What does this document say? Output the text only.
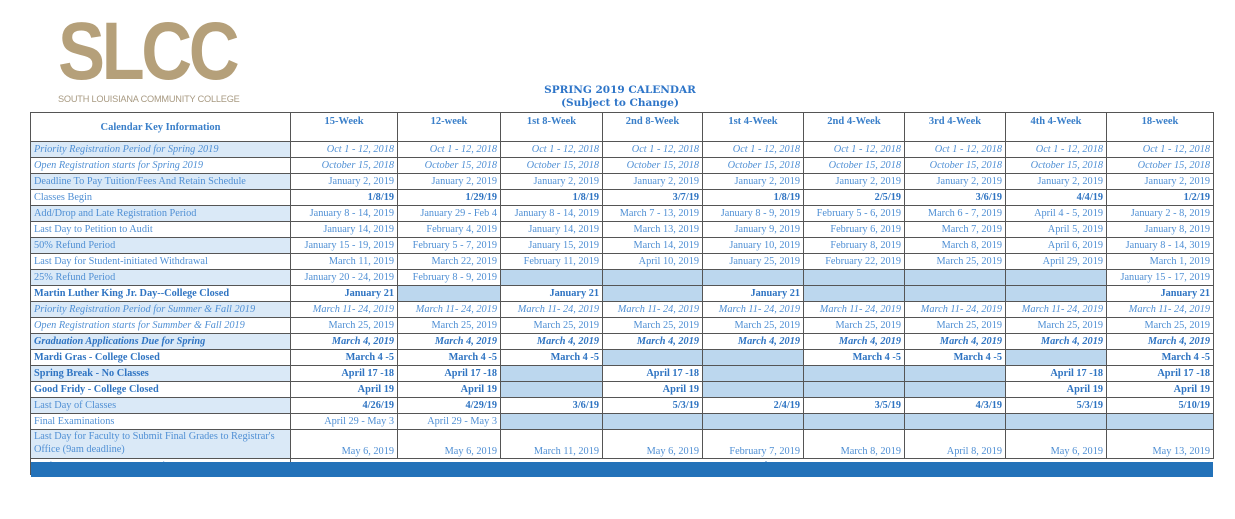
SLCC
SOUTH LOUISIANA COMMUNITY COLLEGE
SPRING 2019 CALENDAR
(Subject to Change)
Calendar Key Information	15-Week	12-week	1st 8-Week	2nd 8-Week	1st 4-Week	2nd 4-Week	3rd 4-Week	4th 4-Week	18-week
Priority Registration Period for Spring 2019	Oct 1 - 12, 2018	Oct 1 - 12, 2018	Oct 1 - 12, 2018	Oct 1 - 12, 2018	Oct 1 - 12, 2018	Oct 1 - 12, 2018	Oct 1 - 12, 2018	Oct 1 - 12, 2018	Oct 1 - 12, 2018
Open Registration starts for Spring 2019	October 15, 2018	October 15, 2018	October 15, 2018	October 15, 2018	October 15, 2018	October 15, 2018	October 15, 2018	October 15, 2018	October 15, 2018
Deadline To Pay Tuition/Fees And Retain Schedule	January 2, 2019	January 2, 2019	January 2, 2019	January 2, 2019	January 2, 2019	January 2, 2019	January 2, 2019	January 2, 2019	January 2, 2019
Classes Begin	1/8/19	1/29/19	1/8/19	3/7/19	1/8/19	2/5/19	3/6/19	4/4/19	1/2/19
Add/Drop and Late Registration Period	January 8 - 14, 2019	January 29 - Feb 4	January 8 - 14, 2019	March 7 - 13, 2019	January 8 - 9, 2019	February 5 - 6, 2019	March 6 - 7, 2019	April 4 - 5, 2019	January 2 - 8, 2019
Last Day to Petition to Audit	January 14, 2019	February 4, 2019	January 14, 2019	March 13, 2019	January 9, 2019	February 6, 2019	March 7, 2019	April 5, 2019	January 8, 2019
50% Refund Period	January 15 - 19, 2019	February 5 - 7, 2019	January 15, 2019	March 14, 2019	January 10, 2019	February 8, 2019	March 8, 2019	April 6, 2019	January 8 - 14, 3019
Last Day for Student-initiated Withdrawal	March 11, 2019	March 22, 2019	February 11, 2019	April 10, 2019	January 25, 2019	February 22, 2019	March 25, 2019	April 29, 2019	March 1, 2019
25% Refund Period	January 20 - 24, 2019	February 8 - 9, 2019							January 15 - 17, 2019
Martin Luther King Jr. Day--College Closed	January 21		January 21		January 21				January 21
Priority Registration Period for Summer & Fall 2019	March 11- 24, 2019	March 11- 24, 2019	March 11- 24, 2019	March 11- 24, 2019	March 11- 24, 2019	March 11- 24, 2019	March 11- 24, 2019	March 11- 24, 2019	March 11- 24, 2019
Open Registration starts for Summber & Fall 2019	March 25, 2019	March 25, 2019	March 25, 2019	March 25, 2019	March 25, 2019	March 25, 2019	March 25, 2019	March 25, 2019	March 25, 2019
Graduation Applications Due for Spring	March 4, 2019	March 4, 2019	March 4, 2019	March 4, 2019	March 4, 2019	March 4, 2019	March 4, 2019	March 4, 2019	March 4, 2019
Mardi Gras - College Closed	March 4 -5	March 4 -5	March 4 -5			March 4 -5	March 4 -5		March 4 -5
Spring Break - No Classes	April 17 -18	April 17 -18		April 17 -18				April 17 -18	April 17 -18
Good Fridy - College Closed	April 19	April 19		April 19				April 19	April 19
Last Day of Classes	4/26/19	4/29/19	3/6/19	5/3/19	2/4/19	3/5/19	4/3/19	5/3/19	5/10/19
Final Examinations	April 29 - May 3	April 29 - May 3							
Last Day for Faculty to Submit Final Grades to Registrar's Office (9am deadline)	May 6, 2019	May 6, 2019	March 11, 2019	May 6, 2019	February 7, 2019	March 8, 2019	April 8, 2019	May 6, 2019	May 13, 2019
